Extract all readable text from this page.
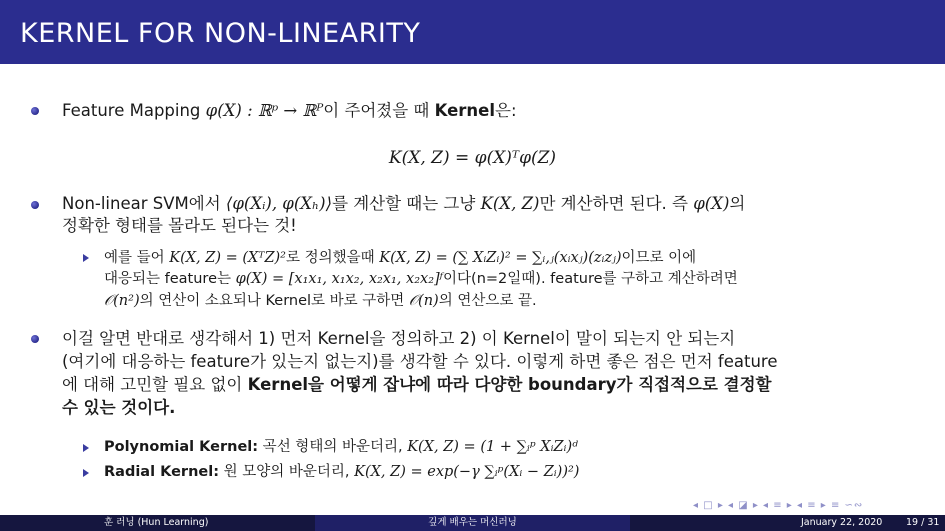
KERNEL FOR NON-LINEARITY
Feature Mapping φ(X) : ℝᵖ → ℝᴾ이 주어졌을 때 Kernel은:
K(X, Z) = φ(X)ᵀφ(Z)
Non-linear SVM에서 ⟨φ(Xᵢ), φ(Xₕ)⟩를 계산할 때는 그냥 K(X, Z)만 계산하면 된다. 즉 φ(X)의
정확한 형태를 몰라도 된다는 것!
예를 들어 K(X, Z) = (XᵀZ)²로 정의했을때 K(X, Z) = (∑ XᵢZᵢ)² = ∑ᵢ,ⱼ(xᵢxⱼ)(zᵢzⱼ)이므로 이에
대응되는 feature는 φ(X) = [x₁x₁, x₁x₂, x₂x₁, x₂x₂]ᶠ이다(n=2일때). feature를 구하고 계산하려면
𝒪(n²)의 연산이 소요되나 Kernel로 바로 구하면 𝒪(n)의 연산으로 끝.
이걸 알면 반대로 생각해서 1) 먼저 Kernel을 정의하고 2) 이 Kernel이 말이 되는지 안 되는지
(여기에 대응하는 feature가 있는지 없는지)를 생각할 수 있다. 이렇게 하면 좋은 점은 먼저 feature
에 대해 고민할 필요 없이 Kernel을 어떻게 잡냐에 따라 다양한 boundary가 직접적으로 결정할
수 있는 것이다.
Polynomial Kernel: 곡선 형태의 바운더리, K(X, Z) = (1 + ∑ᵢᵖ XᵢZᵢ)ᵈ
Radial Kernel: 원 모양의 바운더리, K(X, Z) = exp(−γ ∑ᵢᵖ(Xᵢ − Zᵢ))²)
◂ □ ▸ ◂ ◪ ▸ ◂ ≡ ▸ ◂ ≡ ▸ ≡ ∽∾
훈 러닝 (Hun Learning)	깊게 배우는 머신러닝	January 22, 2020 19 / 31
